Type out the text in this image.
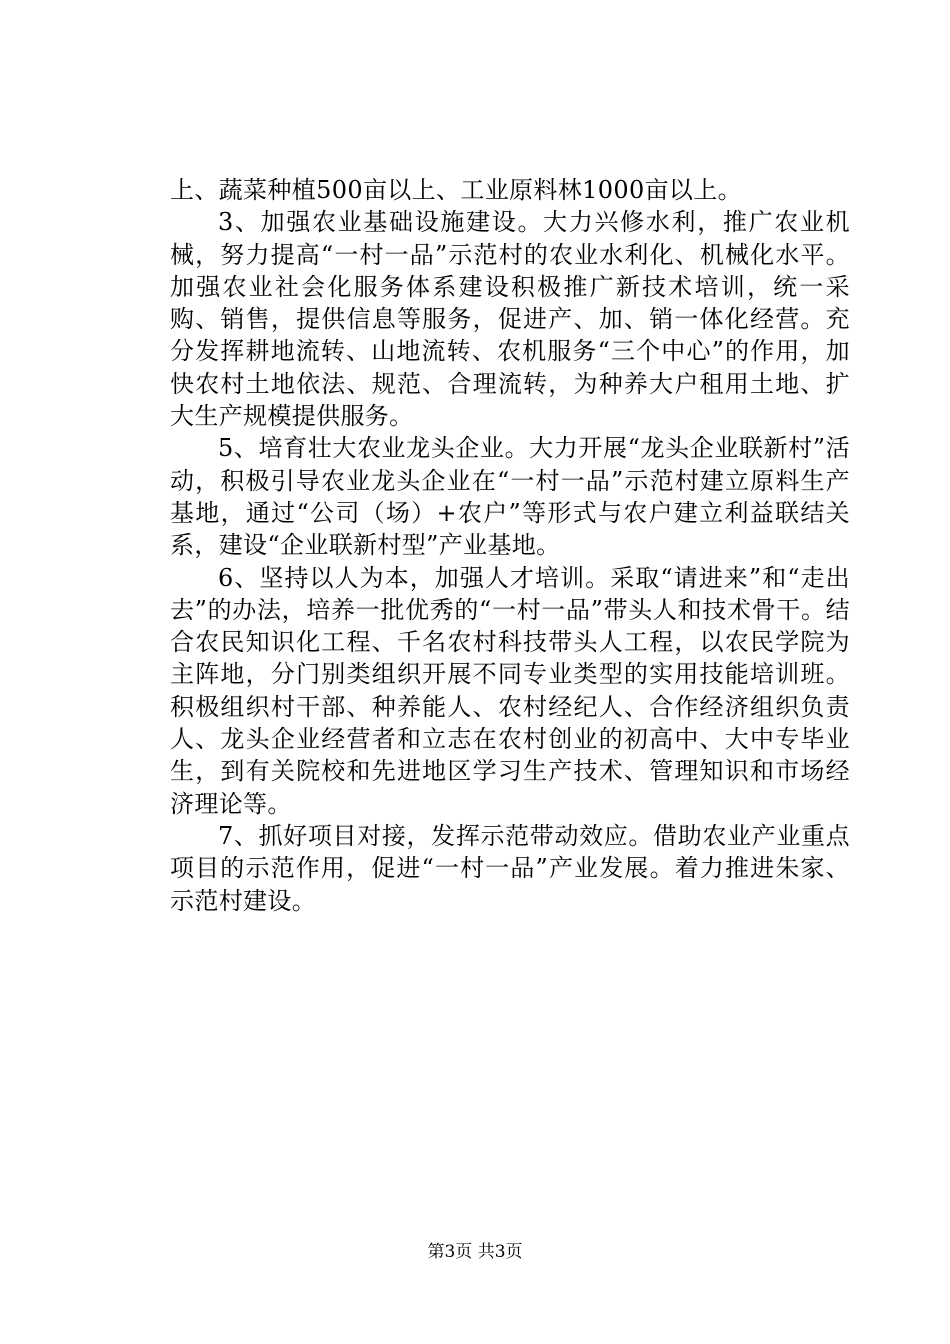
上、蔬菜种植500亩以上、工业原料林1000亩以上。

3、加强农业基础设施建设。大力兴修水利，推广农业机械，努力提高“一村一品”示范村的农业水利化、机械化水平。加强农业社会化服务体系建设积极推广新技术培训，统一采购、销售，提供信息等服务，促进产、加、销一体化经营。充分发挥耕地流转、山地流转、农机服务“三个中心”的作用，加快农村土地依法、规范、合理流转，为种养大户租用土地、扩大生产规模提供服务。

5、培育壮大农业龙头企业。大力开展“龙头企业联新村”活动，积极引导农业龙头企业在“一村一品”示范村建立原料生产基地，通过“公司（场）+农户”等形式与农户建立利益联结关系，建设“企业联新村型”产业基地。

6、坚持以人为本，加强人才培训。采取“请进来”和“走出去”的办法，培养一批优秀的“一村一品”带头人和技术骨干。结合农民知识化工程、千名农村科技带头人工程，以农民学院为主阵地，分门别类组织开展不同专业类型的实用技能培训班。积极组织村干部、种养能人、农村经纪人、合作经济组织负责人、龙头企业经营者和立志在农村创业的初高中、大中专毕业生，到有关院校和先进地区学习生产技术、管理知识和市场经济理论等。

7、抓好项目对接，发挥示范带动效应。借助农业产业重点项目的示范作用，促进“一村一品”产业发展。着力推进朱家、示范村建设。

第3页 共3页
